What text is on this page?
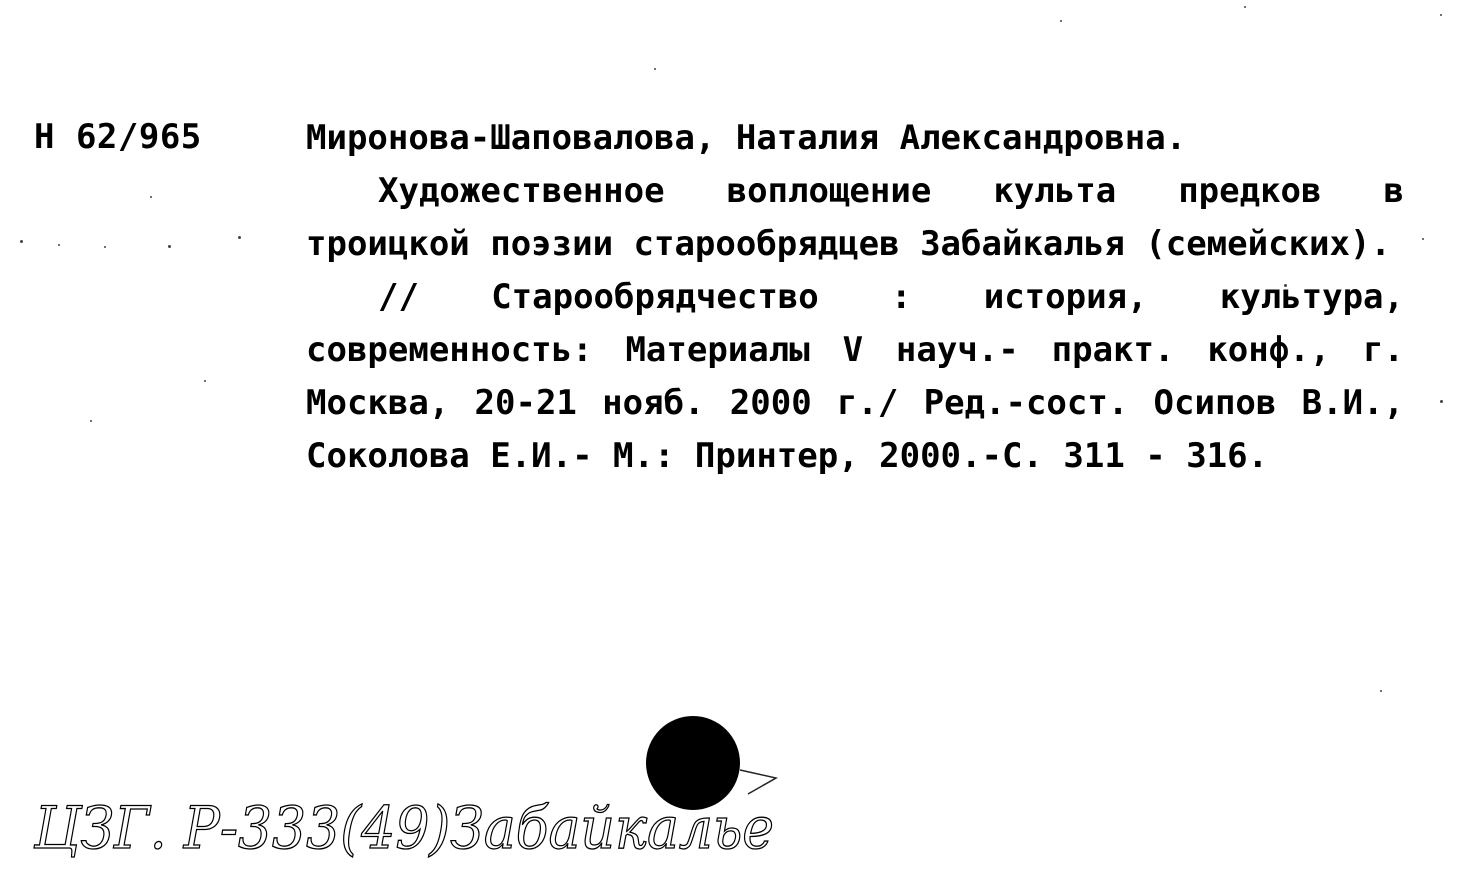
Н 62/965	Миронова-Шаповалова, Наталия Александровна.

Художественное воплощение культа предков в троицкой поэзии старообрядцев Забайкалья (семейских).

// Старообрядчество : история, культура, современность: Материалы V науч.- практ. конф., г. Москва, 20-21 нояб. 2000 г./ Ред.-сост. Осипов В.И., Соколова Е.И.- М.: Принтер, 2000.-С. 311 - 316.

ЦЗГ. Р-333(49)Забайкалье
